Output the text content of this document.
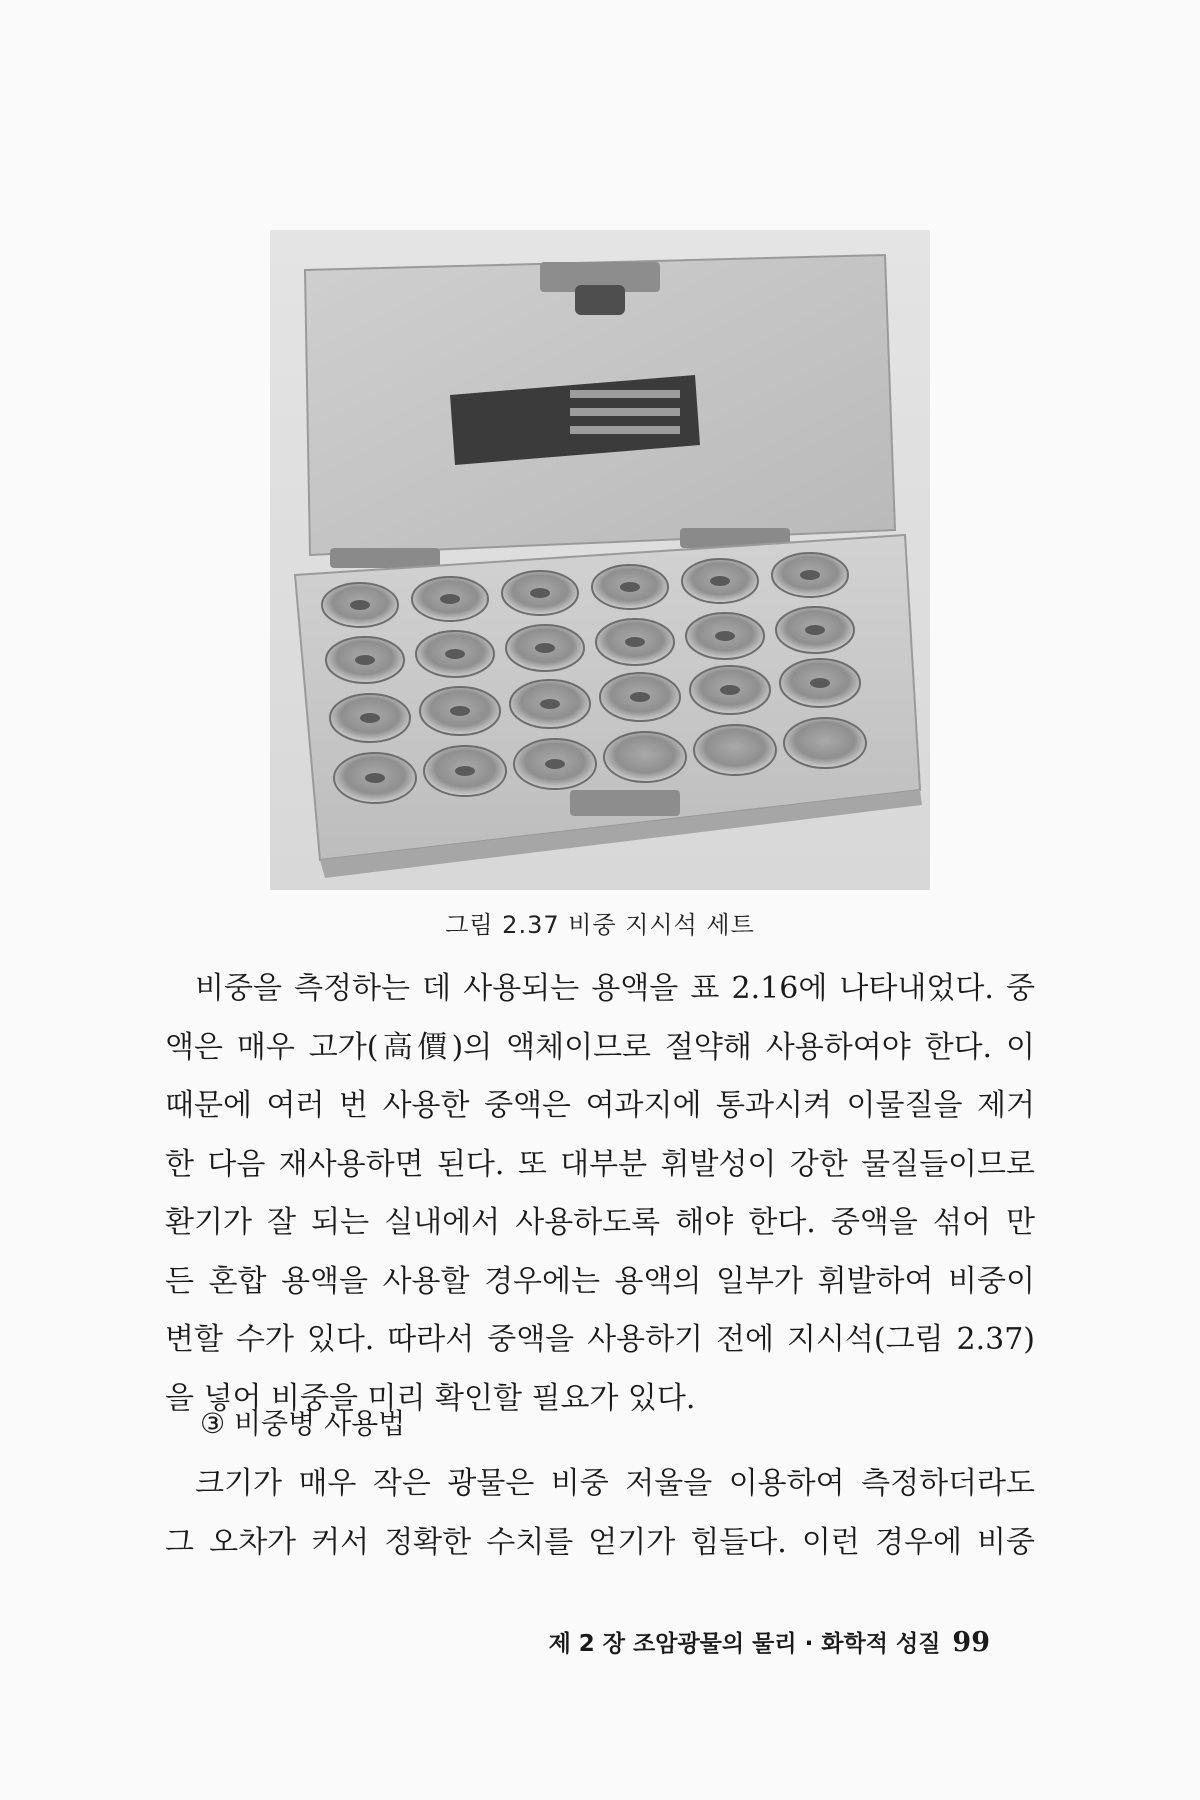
그림 2.37 비중 지시석 세트
비중을 측정하는 데 사용되는 용액을 표 2.16에 나타내었다. 중
액은 매우 고가(高價)의 액체이므로 절약해 사용하여야 한다. 이
때문에 여러 번 사용한 중액은 여과지에 통과시켜 이물질을 제거
한 다음 재사용하면 된다. 또 대부분 휘발성이 강한 물질들이므로
환기가 잘 되는 실내에서 사용하도록 해야 한다. 중액을 섞어 만
든 혼합 용액을 사용할 경우에는 용액의 일부가 휘발하여 비중이
변할 수가 있다. 따라서 중액을 사용하기 전에 지시석(그림 2.37)
을 넣어 비중을 미리 확인할 필요가 있다.
③ 비중병 사용법
크기가 매우 작은 광물은 비중 저울을 이용하여 측정하더라도
그 오차가 커서 정확한 수치를 얻기가 힘들다. 이런 경우에 비중
제 2 장 조암광물의 물리 · 화학적 성질 99
